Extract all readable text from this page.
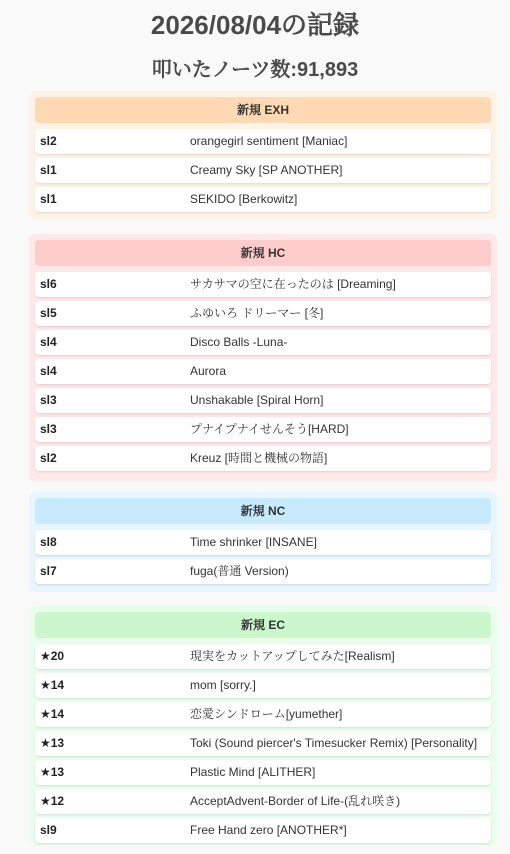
2026/08/04の記録
叩いたノーツ数:91,893
新規 EXH
sl2	orangegirl sentiment [Maniac]
sl1	Creamy Sky [SP ANOTHER]
sl1	SEKIDO [Berkowitz]
新規 HC
sl6	サカサマの空に在ったのは [Dreaming]
sl5	ふゆいろ ドリーマー [冬]
sl4	Disco Balls -Luna-
sl4	Aurora
sl3	Unshakable [Spiral Horn]
sl3	プナイプナイせんそう[HARD]
sl2	Kreuz [時間と機械の物語]
新規 NC
sl8	Time shrinker [INSANE]
sl7	fuga(普通 Version)
新規 EC
★20	現実をカットアップしてみた[Realism]
★14	mom [sorry.]
★14	恋愛シンドローム[yumether]
★13	Toki (Sound piercer's Timesucker Remix) [Personality]
★13	Plastic Mind [ALITHER]
★12	AcceptAdvent-Border of Life-(乱れ咲き)
sl9	Free Hand zero [ANOTHER*]
